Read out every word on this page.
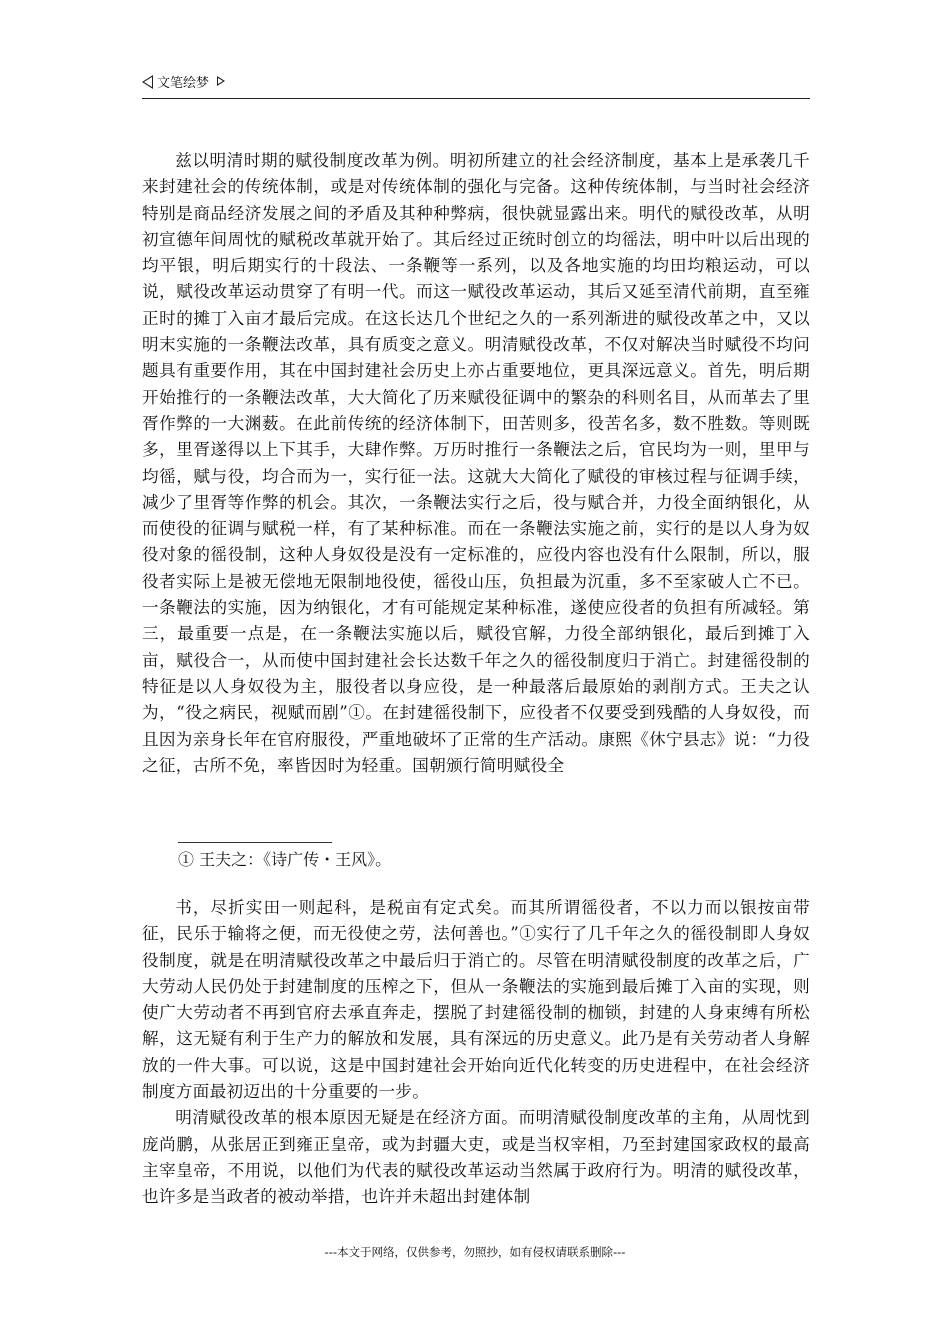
文笔绘梦

兹以明清时期的赋役制度改革为例。明初所建立的社会经济制度，基本上是承袭几千来封建社会的传统体制，或是对传统体制的强化与完备。这种传统体制，与当时社会经济特别是商品经济发展之间的矛盾及其种种弊病，很快就显露出来。明代的赋役改革，从明初宣德年间周忱的赋税改革就开始了。其后经过正统时创立的均徭法，明中叶以后出现的均平银，明后期实行的十段法、一条鞭等一系列，以及各地实施的均田均粮运动，可以说，赋役改革运动贯穿了有明一代。而这一赋役改革运动，其后又延至清代前期，直至雍正时的摊丁入亩才最后完成。在这长达几个世纪之久的一系列渐进的赋役改革之中，又以明末实施的一条鞭法改革，具有质变之意义。明清赋役改革，不仅对解决当时赋役不均问题具有重要作用，其在中国封建社会历史上亦占重要地位，更具深远意义。首先，明后期开始推行的一条鞭法改革，大大简化了历来赋役征调中的繁杂的科则名目，从而革去了里胥作弊的一大渊薮。在此前传统的经济体制下，田苦则多，役苦名多，数不胜数。等则既多，里胥遂得以上下其手，大肆作弊。万历时推行一条鞭法之后，官民均为一则，里甲与均徭，赋与役，均合而为一，实行征一法。这就大大简化了赋役的审核过程与征调手续，减少了里胥等作弊的机会。其次，一条鞭法实行之后，役与赋合并，力役全面纳银化，从而使役的征调与赋税一样，有了某种标准。而在一条鞭法实施之前，实行的是以人身为奴役对象的徭役制，这种人身奴役是没有一定标准的，应役内容也没有什么限制，所以，服役者实际上是被无偿地无限制地役使，徭役山压，负担最为沉重，多不至家破人亡不已。一条鞭法的实施，因为纳银化，才有可能规定某种标准，遂使应役者的负担有所减轻。第三，最重要一点是，在一条鞭法实施以后，赋役官解，力役全部纳银化，最后到摊丁入亩，赋役合一，从而使中国封建社会长达数千年之久的徭役制度归于消亡。封建徭役制的特征是以人身奴役为主，服役者以身应役，是一种最落后最原始的剥削方式。王夫之认为，“役之病民，视赋而剧”①。在封建徭役制下，应役者不仅要受到残酷的人身奴役，而且因为亲身长年在官府服役，严重地破坏了正常的生产活动。康熙《休宁县志》说：“力役之征，古所不免，率皆因时为轻重。国朝颁行简明赋役全

① 王夫之：《诗广传・王风》。

书，尽折实田一则起科，是税亩有定式矣。而其所谓徭役者，不以力而以银按亩带征，民乐于输将之便，而无役使之劳，法何善也。”①实行了几千年之久的徭役制即人身奴役制度，就是在明清赋役改革之中最后归于消亡的。尽管在明清赋役制度的改革之后，广大劳动人民仍处于封建制度的压榨之下，但从一条鞭法的实施到最后摊丁入亩的实现，则使广大劳动者不再到官府去承直奔走，摆脱了封建徭役制的枷锁，封建的人身束缚有所松解，这无疑有利于生产力的解放和发展，具有深远的历史意义。此乃是有关劳动者人身解放的一件大事。可以说，这是中国封建社会开始向近代化转变的历史进程中，在社会经济制度方面最初迈出的十分重要的一步。

明清赋役改革的根本原因无疑是在经济方面。而明清赋役制度改革的主角，从周忱到庞尚鹏，从张居正到雍正皇帝，或为封疆大吏，或是当权宰相，乃至封建国家政权的最高主宰皇帝，不用说，以他们为代表的赋役改革运动当然属于政府行为。明清的赋役改革，也许多是当政者的被动举措，也许并未超出封建体制

---本文于网络，仅供参考，勿照抄，如有侵权请联系删除---
